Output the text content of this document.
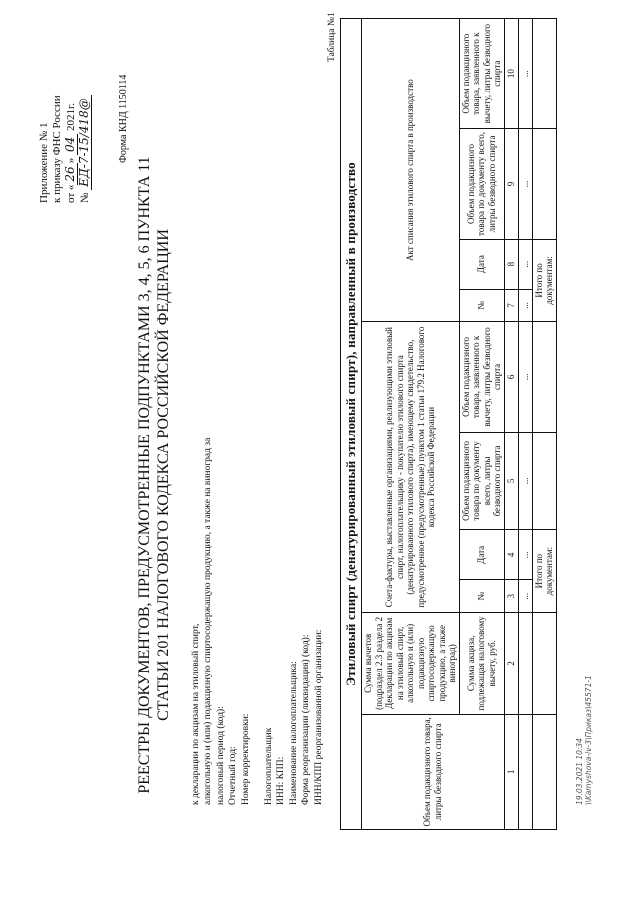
Приложение № 1 к приказу ФНС России от «26» 04 2021г.
№ ЕД-7-15/418@	Форма КНД 1150114
РЕЕСТРЫ ДОКУМЕНТОВ, ПРЕДУСМОТРЕННЫЕ ПОДПУНКТАМИ 3, 4, 5, 6 ПУНКТА 11 СТАТЬИ 201 НАЛОГОВОГО КОДЕКСА РОССИЙСКОЙ ФЕДЕРАЦИИ к декларации по акцизам на этиловый спирт, алкогольную и (или) подакцизную спиртосодержащую продукцию, а также на виноград за налоговый период (код): Отчетный год: Номер корректировки: Налогоплательщик ИНН: КПП: Наименование налогоплательщика: Форма реорганизации (ликвидация) (код): ИНН/КПП реорганизованной организации:
Таблица №1
Этиловый спирт (денатурированный этиловый спирт), направленный в производство									
Объем подакцизного товара, литры безводного спирта	Сумма вычетов (подраздел 2.3 раздела 2 Декларации по акцизам на этиловый спирт, алкогольную и (или) подакцизную спиртосодержащую продукцию, а также виноград)	Счета-фактуры, выставленные организациями, реализующими этиловый спирт, налогоплательщику - покупателю этилового спирта (денатурированного этилового спирта), имеющему свидетельство, предусмотренное (предусмотренные) пунктом 1 статьи 179.2 Налогового кодекса Российской Федерации				Акт списания этилового спирта в производство			
	Сумма акциза, подлежащая налоговому вычету, руб.	№	Дата	Объем подакцизного товара по документу всего, литры безводного спирта	Объем подакцизного товара, заявленного к вычету, литры безводного спирта	№	Дата	Объем подакцизного товара по документу всего, литры безводного спирта	Объем подакцизного товара, заявленного к вычету, литры безводного спирта
1	2	3	4	5	6	7	8	9	10
		...	...	...	...	...	...	...	...
		Итого по документам:				Итого по документам:			
19.03.2021 10:34 \\Kamyshova-lv-3\Приказ\45571-1
